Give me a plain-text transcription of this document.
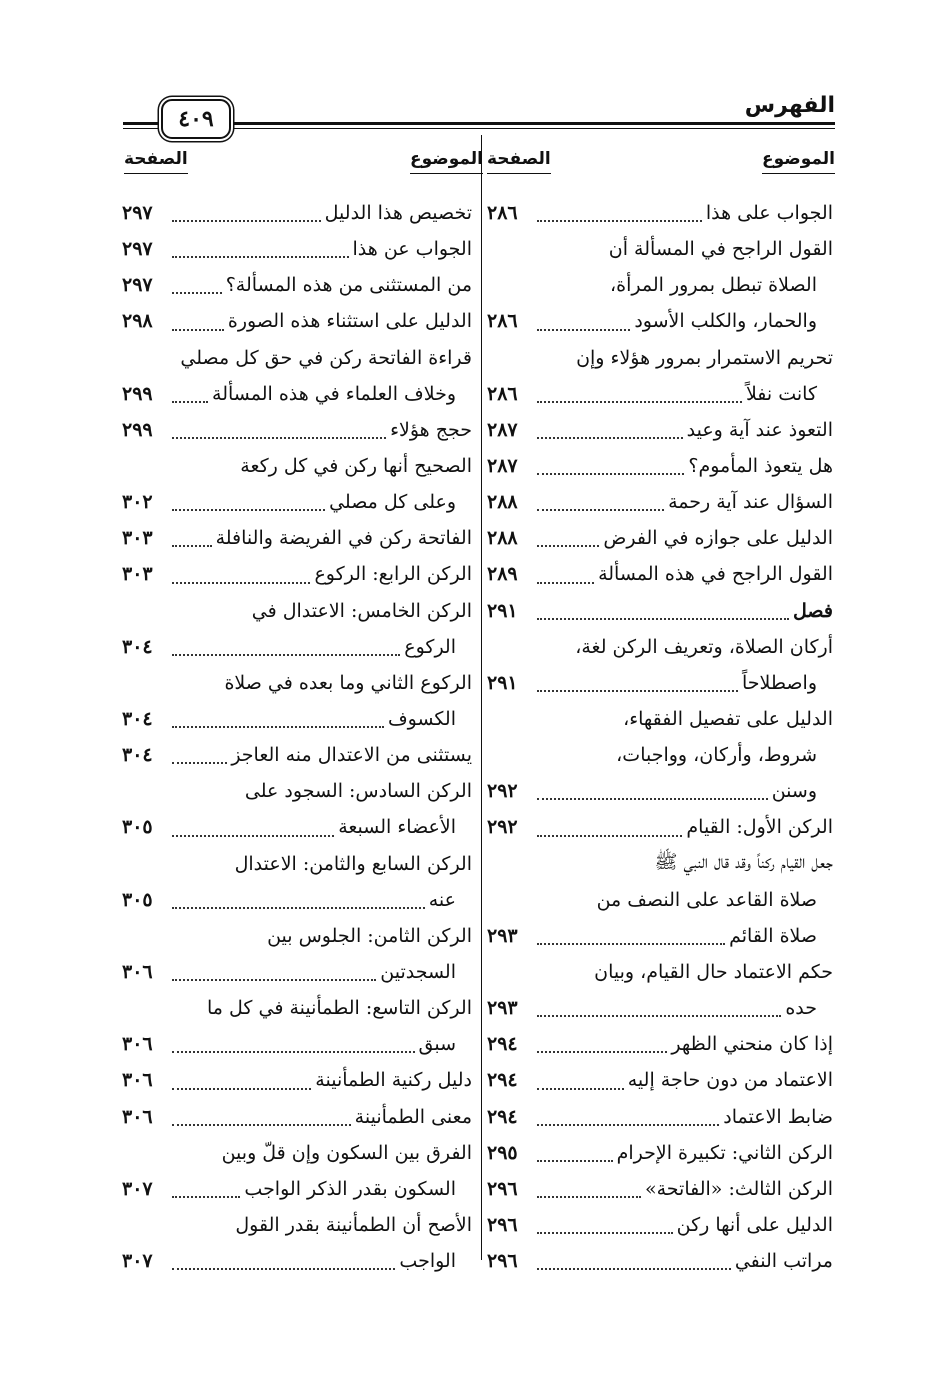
الفهرس
٤٠٩
الموضوع
الصفحة
الموضوع
الصفحة
الجواب على هذا
٢٨٦
القول الراجح في المسألة أن
الصلاة تبطل بمرور المرأة،
والحمار، والكلب الأسود
٢٨٦
تحريم الاستمرار بمرور هؤلاء وإن
كانت نفلاً
٢٨٦
التعوذ عند آية وعيد
٢٨٧
هل يتعوذ المأموم؟
٢٨٧
السؤال عند آية رحمة
٢٨٨
الدليل على جوازه في الفرض
٢٨٨
القول الراجح في هذه المسألة
٢٨٩
فصل
٢٩١
أركان الصلاة، وتعريف الركن لغة،
واصطلاحاً
٢٩١
الدليل على تفصيل الفقهاء،
شروط، وأركان، وواجبات،
وسنن
٢٩٢
الركن الأول: القيام
٢٩٢
جعل القيام ركناً وقد قال النبي ﷺ
صلاة القاعد على النصف من
صلاة القائم
٢٩٣
حكم الاعتماد حال القيام، وبيان
حده
٢٩٣
إذا كان منحني الظهر
٢٩٤
الاعتماد من دون حاجة إليه
٢٩٤
ضابط الاعتماد
٢٩٤
الركن الثاني: تكبيرة الإحرام
٢٩٥
الركن الثالث: «الفاتحة»
٢٩٦
الدليل على أنها ركن
٢٩٦
مراتب النفي
٢٩٦
تخصيص هذا الدليل
٢٩٧
الجواب عن هذا
٢٩٧
من المستثنى من هذه المسألة؟
٢٩٧
الدليل على استثناء هذه الصورة
٢٩٨
قراءة الفاتحة ركن في حق كل مصلي
وخلاف العلماء في هذه المسألة
٢٩٩
حجج هؤلاء
٢٩٩
الصحيح أنها ركن في كل ركعة
وعلى كل مصلي
٣٠٢
الفاتحة ركن في الفريضة والنافلة
٣٠٣
الركن الرابع: الركوع
٣٠٣
الركن الخامس: الاعتدال في
الركوع
٣٠٤
الركوع الثاني وما بعده في صلاة
الكسوف
٣٠٤
يستثنى من الاعتدال منه العاجز
٣٠٤
الركن السادس: السجود على
الأعضاء السبعة
٣٠٥
الركن السابع والثامن: الاعتدال
عنه
٣٠٥
الركن الثامن: الجلوس بين
السجدتين
٣٠٦
الركن التاسع: الطمأنينة في كل ما
سبق
٣٠٦
دليل ركنية الطمأنينة
٣٠٦
معنى الطمأنينة
٣٠٦
الفرق بين السكون وإن قلّ وبين
السكون بقدر الذكر الواجب
٣٠٧
الأصح أن الطمأنينة بقدر القول
الواجب
٣٠٧
